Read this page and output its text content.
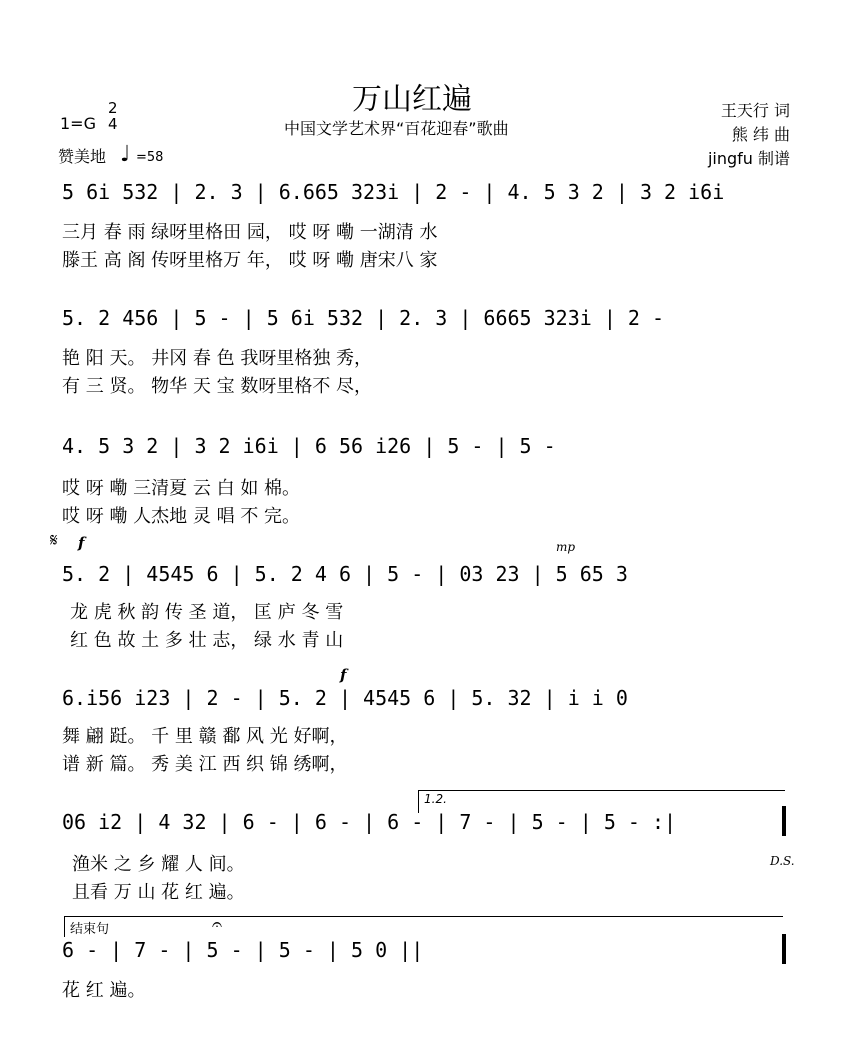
万山红遍
中国文学艺术界“百花迎春”歌曲
1=G
2
4
赞美地 ♩ =58
王天行 词
熊 纬 曲
jingfu 制谱
5 6i 532 | 2. 3 | 6.665 323i | 2 - | 4. 5 3 2 | 3 2 i6i
三月 春 雨 绿呀里格田 园， 哎 呀 嘞 一湖清 水
滕王 高 阁 传呀里格万 年， 哎 呀 嘞 唐宋八 家
5. 2 456 | 5 - | 5 6i 532 | 2. 3 | 6665 323i | 2 -
艳 阳 天。 井冈 春 色 我呀里格独 秀，
有 三 贤。 物华 天 宝 数呀里格不 尽，
4. 5 3 2 | 3 2 i6i | 6 56 i26 | 5 - | 5 -
哎 呀 嘞 三清夏 云 白 如 棉。
哎 呀 嘞 人杰地 灵 唱 不 完。
𝄋 f	mp
5. 2 | 4545 6 | 5. 2 4 6 | 5 - | 03 23 | 5 65 3
龙 虎 秋 韵 传 圣 道， 匡 庐 冬 雪
红 色 故 土 多 壮 志， 绿 水 青 山
f
6.i56 i23 | 2 - | 5. 2 | 4545 6 | 5. 32 | i i 0
舞 翩 跹。 千 里 赣 鄱 风 光 好啊，
谱 新 篇。 秀 美 江 西 织 锦 绣啊，
1.2.
06 i2 | 4 32 | 6 - | 6 - | 6 - | 7 - | 5 - | 5 - :|
渔米 之 乡 耀 人 间。
且看 万 山 花 红 遍。
D.S.
结束句	𝄐
6 - | 7 - | 5 - | 5 - | 5 0 ||
花 红 遍。
